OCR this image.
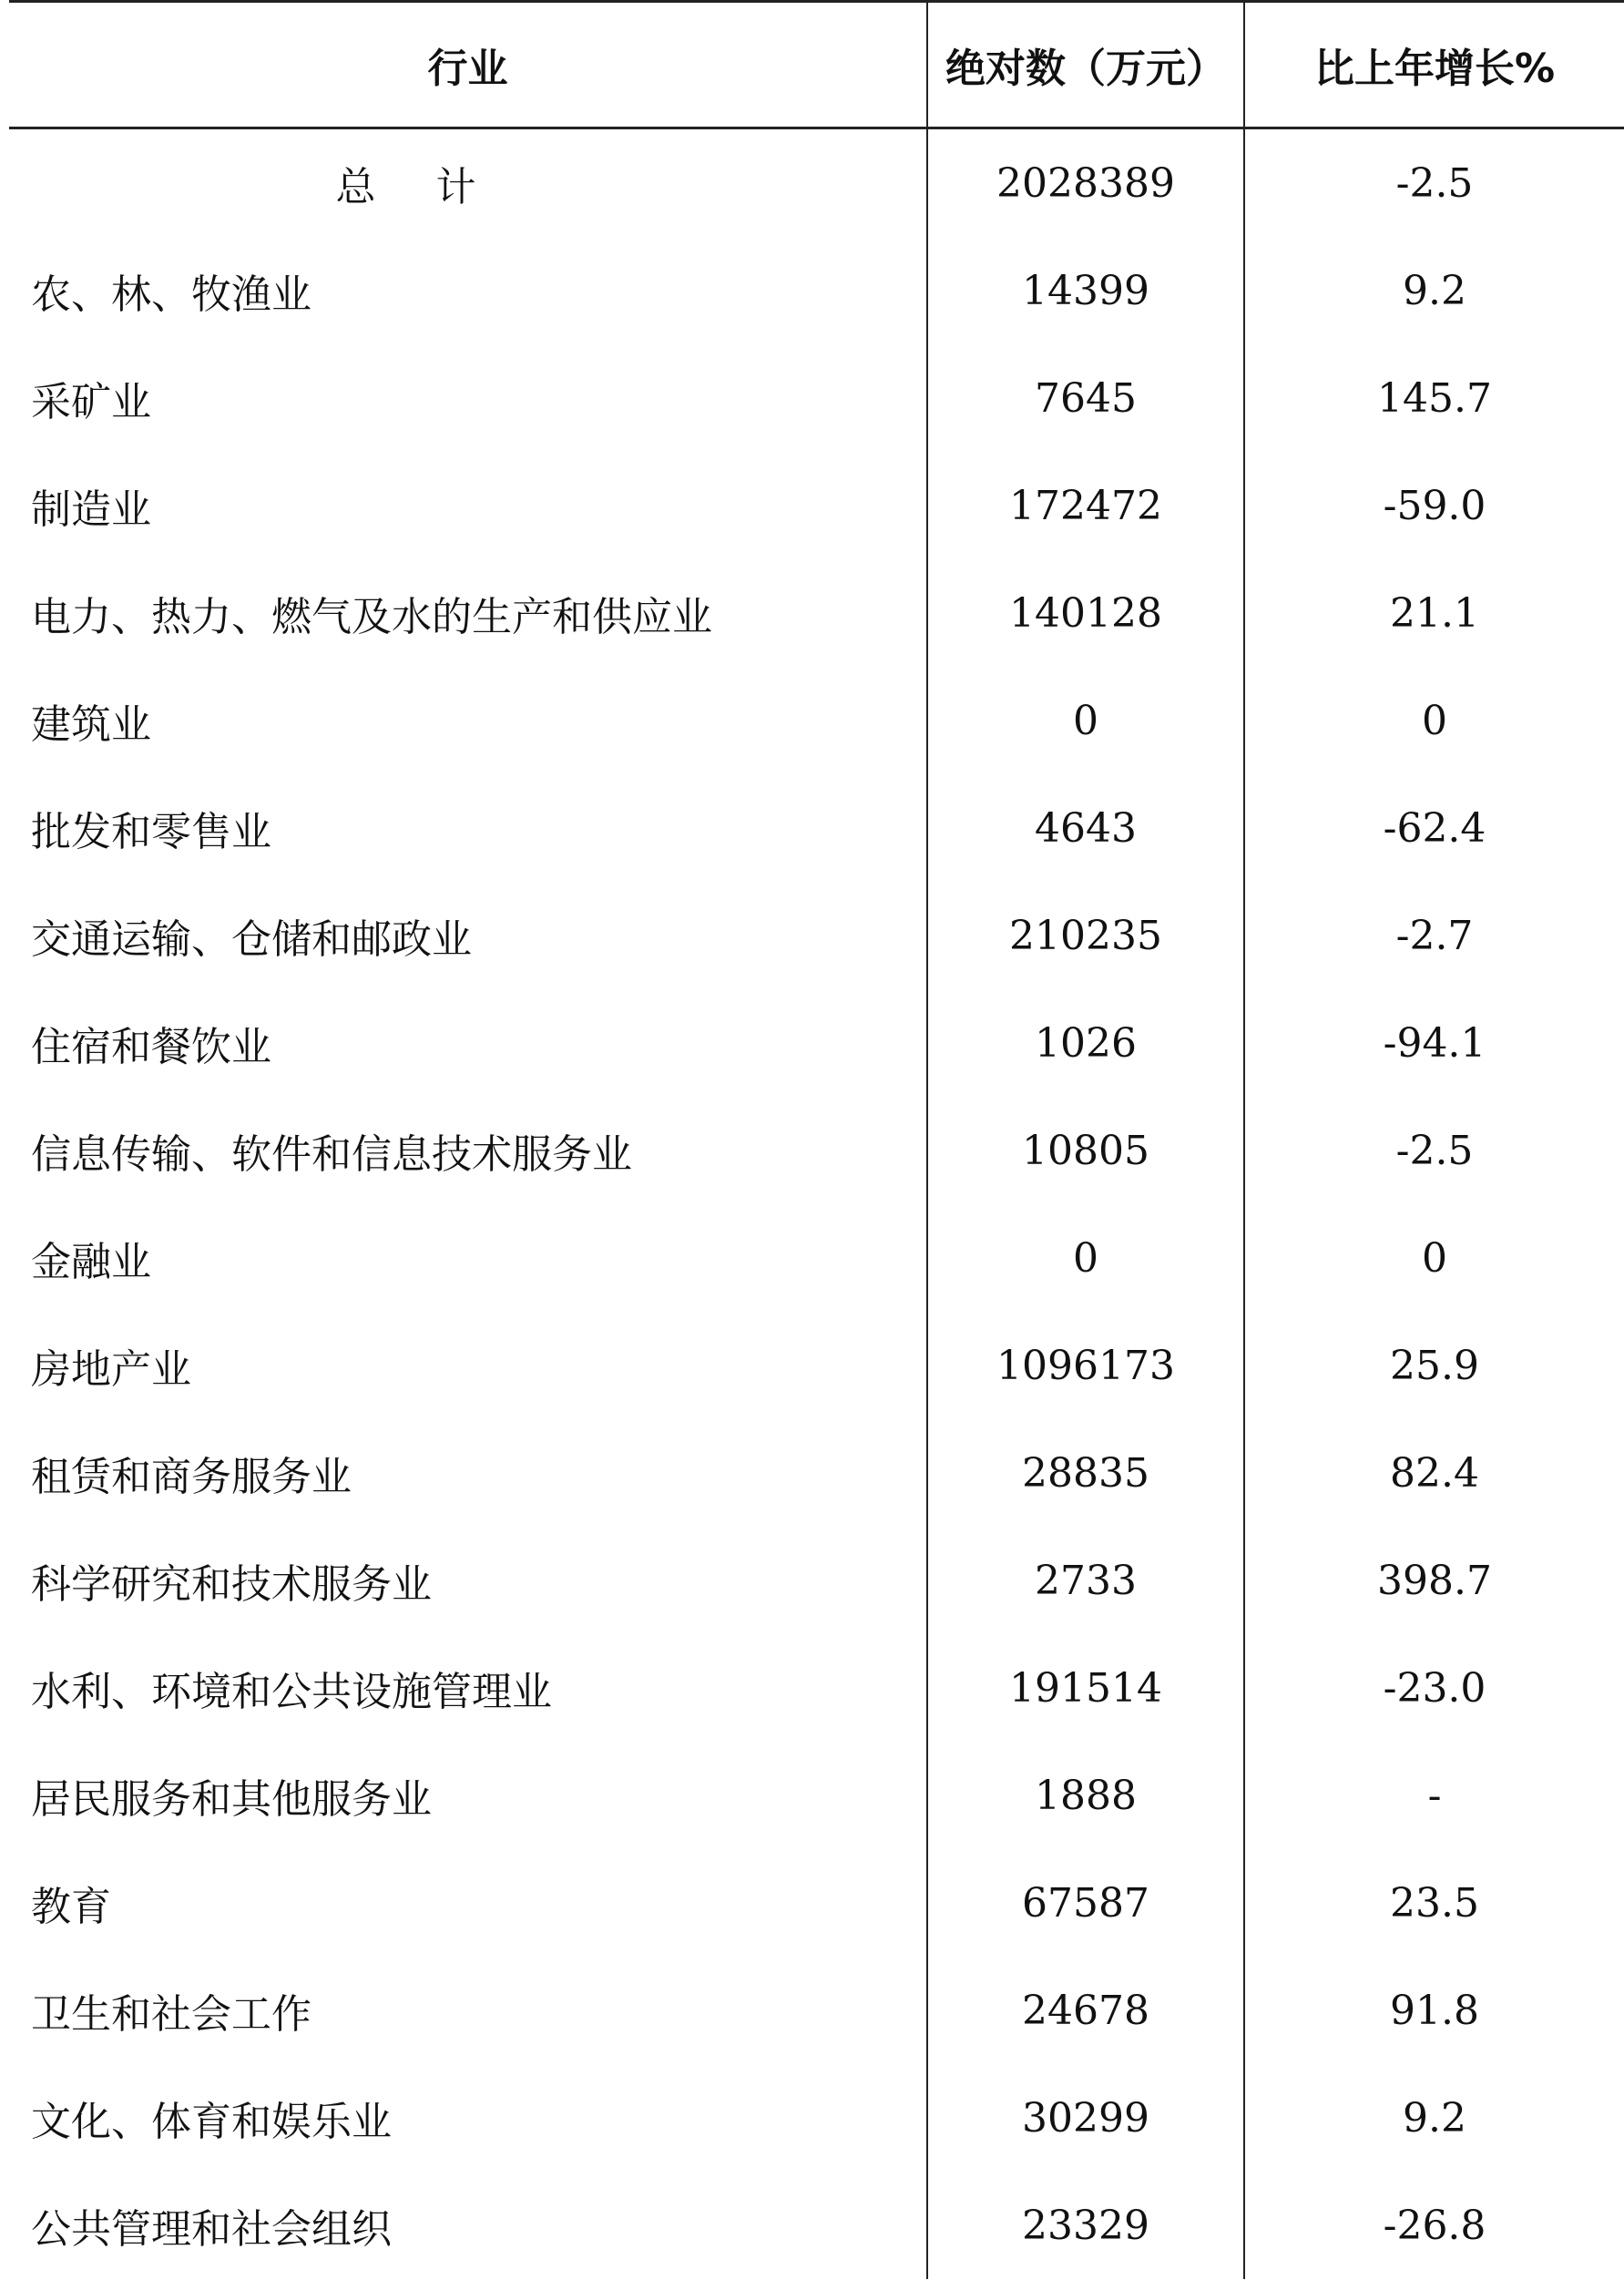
行业	绝对数（万元）	比上年增长%
总 计	2028389	-2.5
农、林、牧渔业	14399	9.2
采矿业	7645	145.7
制造业	172472	-59.0
电力、热力、燃气及水的生产和供应业	140128	21.1
建筑业	0	0
批发和零售业	4643	-62.4
交通运输、仓储和邮政业	210235	-2.7
住宿和餐饮业	1026	-94.1
信息传输、软件和信息技术服务业	10805	-2.5
金融业	0	0
房地产业	1096173	25.9
租赁和商务服务业	28835	82.4
科学研究和技术服务业	2733	398.7
水利、环境和公共设施管理业	191514	-23.0
居民服务和其他服务业	1888	-
教育	67587	23.5
卫生和社会工作	24678	91.8
文化、体育和娱乐业	30299	9.2
公共管理和社会组织	23329	-26.8
